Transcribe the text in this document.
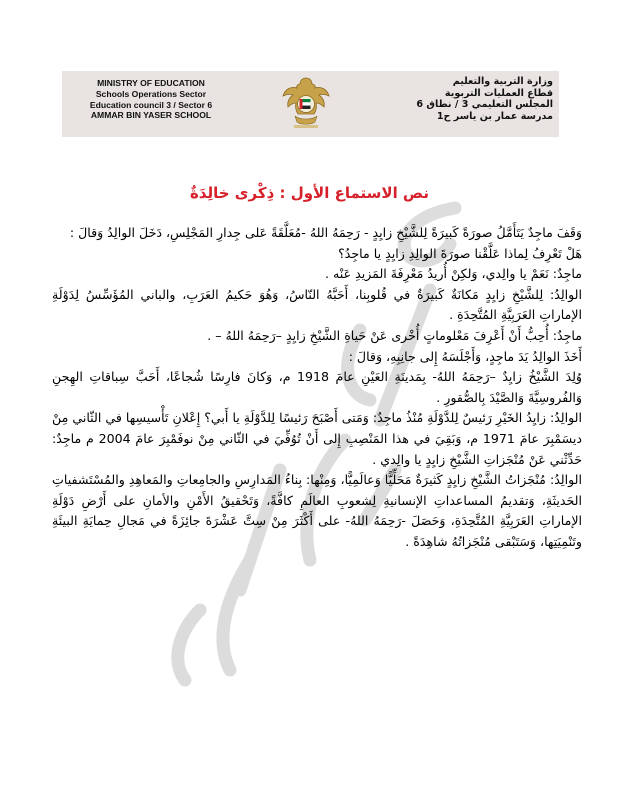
MINISTRY OF EDUCATION
Schools Operations Sector
Education council 3 / Sector 6
AMMAR BIN YASER SCHOOL
وزارة التربية والتعليم
قطاع العمليات التربوية
المجلس التعليمي 3 / نطاق 6
مدرسة عمار بن ياسر ح1
نص الاستماع الأول : ذِكْرى خالِدَةٌ

وَقَفَ ماجِدٌ يَتَأَمَّلُ صورَةً كَبيرَةً لِلشَّيْخِ زايِدٍ - رَحِمَهُ اللهُ -مُعَلَّقَةً عَلى جِدارِ المَجْلِسِ، دَخَلَ الوالِدُ وَقالَ :

هَلْ تَعْرِفُ لِماذا عَلَّقْنا صورَةَ الوالِدِ زايِدٍ يا ماجِدُ؟

ماجِدٌ: نَعَمْ يا والِدي، وَلكِنْ أُريدُ مَعْرِفَةَ المَزيدِ عَنْه .

الوالِدُ: لِلشَّيْخِ زايِدٍ مَكانَةٌ كَبيرَةٌ في قُلوبِنا، أَحَبَّهُ النّاسُ، وَهُوَ حَكيمُ العَرَبِ، والباني المُؤَسِّسُ لِدَوْلَةِ الإماراتِ العَرَبِيَّةِ المُتَّحِدَةِ .

ماجِدٌ: أُحِبُّ أَنْ أَعْرِفَ مَعْلوماتٍ أُخْرى عَنْ حَياةِ الشَّيْخِ زايِدٍ –رَحِمَهُ اللهُ – .

أَخَذَ الوالِدُ يَدَ ماجِدٍ، وَأَجْلَسَهُ إِلى جانِبِهِ، وَقالَ :

وُلِدَ الشَّيْخُ زايِدٌ –رَحِمَهُ اللهُ- بِمَدينَةِ العَيْنِ عامَ 1918 م، وَكانَ فارِسًا شُجاعًا، أَحَبَّ سِباقاتِ الهِجنِ وَالفُروسِيَّةَ وَالصَّيْدَ بِالصُّقورِ .

الوالِدُ: زايِدُ الخَيْرِ رَئيسٌ لِلدَّوْلَةِ مُنْذُ ماجِدٌ: وَمَتى أَصْبَحَ رَئيسًا لِلدَّوْلَةِ يا أَبي؟ إِعْلانِ تَأْسيسِها في الثّاني مِنْ ديسَمْبِرَ عامَ 1971 م، وَبَقِيَ في هذا المَنْصِبِ إِلى أَنْ تُوُفِّيَ في الثّاني مِنْ نوفَمْبِرَ عامَ 2004 م ماجِدٌ: حَدِّثْني عَنْ مُنْجَزاتِ الشَّيْخِ زايِدٍ يا والِدي .

الوالِدُ: مُنْجَزاتُ الشَّيْخِ زايِدٍ كَثيرَةٌ مَحَلِّيًّا وَعالَمِيًّا، وَمِنْها: بِناءُ المَدارِسِ والجامِعاتِ والمَعاهِدِ والمُسْتَشفياتِ الحَديثَةِ، وَتقديمُ المساعداتِ الإنسانيةِ لِشعوبِ العالَمِ كافَّةً، وَتَحْقيقُ الأَمْنِ والأمانِ على أَرْضِ دَوْلَةِ الإماراتِ العَرَبِيَّةِ المُتَّحِدَةِ، وَحَصَلَ -رَحِمَهُ اللهُ- على أَكْثَرَ مِنْ سِتَّ عَشْرَةَ جائِزَةً في مَجالِ حِمايَةِ البيئَةِ وتَنْمِيَتِها، وَسَتَبْقى مُنْجَزاتُهُ شاهِدَةً .
